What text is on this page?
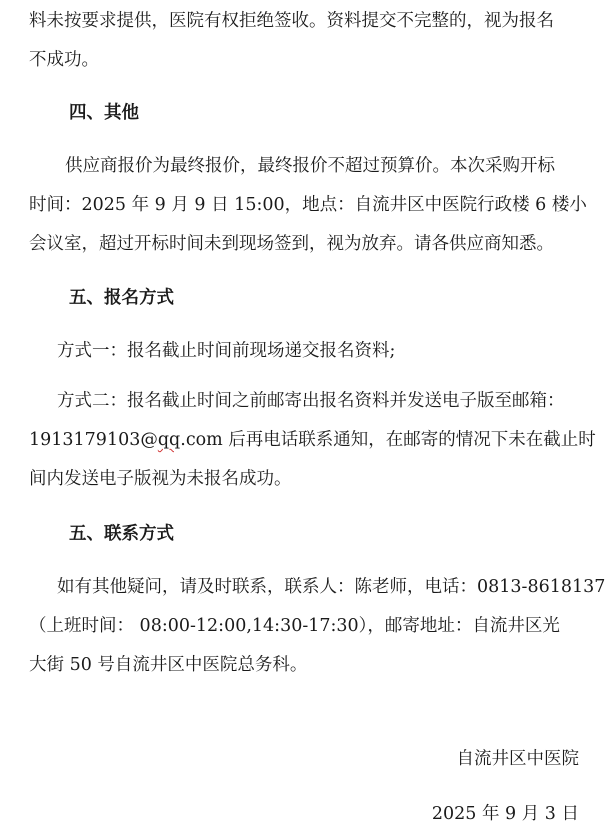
料未按要求提供，医院有权拒绝签收。资料提交不完整的，视为报名
不成功。
四、其他
供应商报价为最终报价，最终报价不超过预算价。本次采购开标
时间：2025 年 9 月 9 日 15:00，地点：自流井区中医院行政楼 6 楼小
会议室，超过开标时间未到现场签到，视为放弃。请各供应商知悉。
五、报名方式
方式一：报名截止时间前现场递交报名资料;
方式二：报名截止时间之前邮寄出报名资料并发送电子版至邮箱：
1913179103@qq.com 后再电话联系通知，在邮寄的情况下未在截止时
间内发送电子版视为未报名成功。
五、联系方式
如有其他疑问，请及时联系，联系人：陈老师，电话：0813-8618137
（上班时间： 08:00-12:00,14:30-17:30），邮寄地址：自流井区光
大街 50 号自流井区中医院总务科。
自流井区中医院
2025 年 9 月 3 日
